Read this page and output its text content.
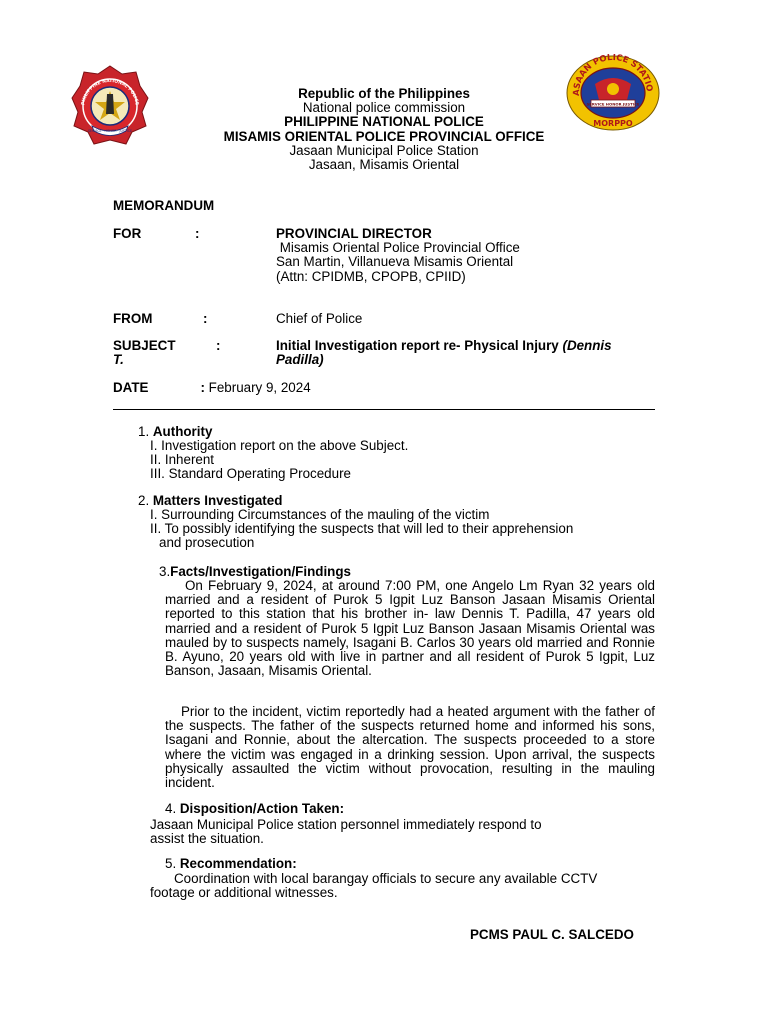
PHILIPPINE NATIONAL POLICE
SERVICE · HONOR · JUSTICE
SERVICE HONOR JUSTICE
ASAAN POLICE STATIO
MORPPO
Republic of the Philippines
National police commission
PHILIPPINE NATIONAL POLICE
MISAMIS ORIENTAL POLICE PROVINCIAL OFFICE
Jasaan Municipal Police Station
Jasaan, Misamis Oriental
MEMORANDUM
FOR	:	PROVINCIAL DIRECTOR
Misamis Oriental Police Provincial Office
San Martin, Villanueva Misamis Oriental
(Attn: CPIDMB, CPOPB, CPIID)
FROM	:	Chief of Police
SUBJECT
T.
:	Initial Investigation report re- Physical Injury (Dennis
Padilla)
DATE	: February 9, 2024
1. Authority
I. Investigation report on the above Subject.
II. Inherent
III. Standard Operating Procedure
2. Matters Investigated
I. Surrounding Circumstances of the mauling of the victim
II. To possibly identifying the suspects that will led to their apprehension
and prosecution
3.Facts/Investigation/Findings

On February 9, 2024, at around 7:00 PM, one Angelo Lm Ryan 32 years old married and a resident of Purok 5 Igpit Luz Banson Jasaan Misamis Oriental reported to this station that his brother in- law Dennis T. Padilla, 47 years old married and a resident of Purok 5 Igpit Luz Banson Jasaan Misamis Oriental was mauled by to suspects namely, Isagani B. Carlos 30 years old married and Ronnie B. Ayuno, 20 years old with live in partner and all resident of Purok 5 Igpit, Luz Banson, Jasaan, Misamis Oriental.

Prior to the incident, victim reportedly had a heated argument with the father of the suspects. The father of the suspects returned home and informed his sons, Isagani and Ronnie, about the altercation. The suspects proceeded to a store where the victim was engaged in a drinking session. Upon arrival, the suspects physically assaulted the victim without provocation, resulting in the mauling incident.

4. Disposition/Action Taken:
Jasaan Municipal Police station personnel immediately respond to
assist the situation.
5. Recommendation:
Coordination with local barangay officials to secure any available CCTV
footage or additional witnesses.
PCMS PAUL C. SALCEDO
